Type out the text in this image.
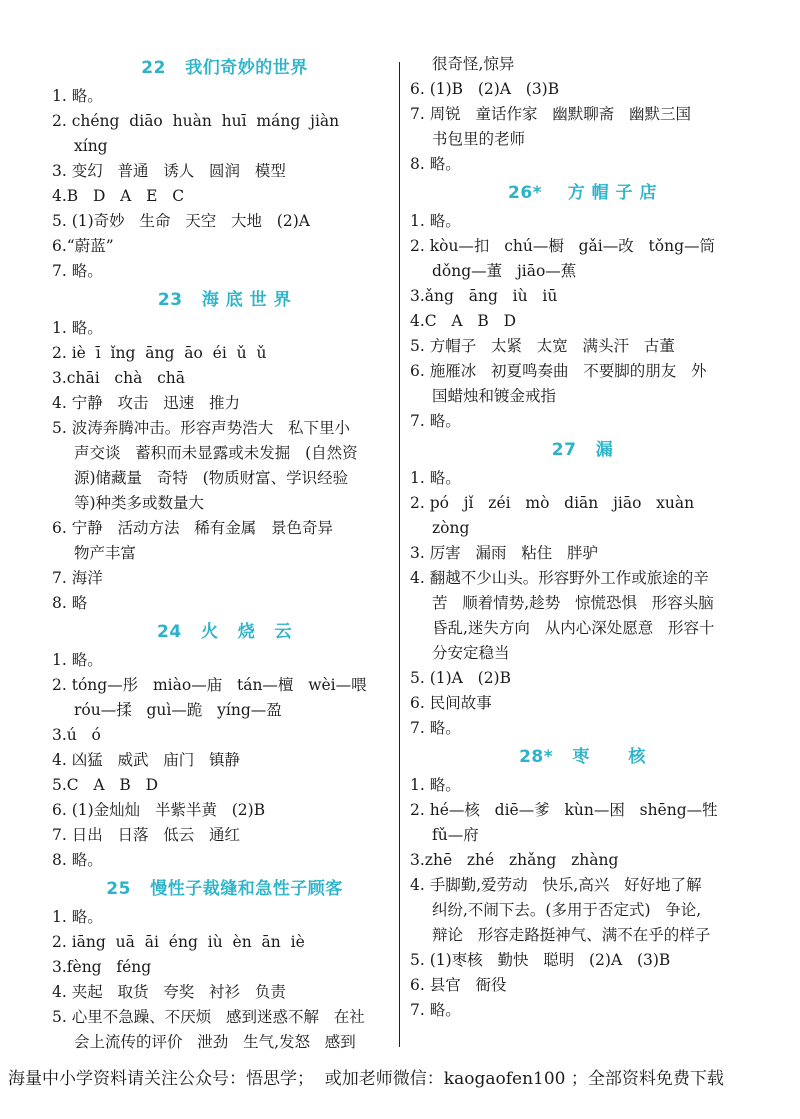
22   我们奇妙的世界
1. 略。
2. chéng  diāo  huàn  huī  máng  jiàn
xíng
3. 变幻   普通   诱人   圆润   模型
4.B   D   A   E   C
5. (1)奇妙   生命   天空   大地   (2)A
6.“蔚蓝”
7. 略。
23   海 底 世 界
1. 略。
2. iè  ī  ǐng  āng  āo  éi  ǔ  ǔ
3.chāi   chà   chā
4. 宁静   攻击   迅速   推力
5. 波涛奔腾冲击。形容声势浩大   私下里小
声交谈   蓄积而未显露或未发掘   (自然资
源)储藏量   奇特   (物质财富、学识经验
等)种类多或数量大
6. 宁静   活动方法   稀有金属   景色奇异
物产丰富
7. 海洋
8. 略
24   火   烧   云
1. 略。
2. tóng—彤   miào—庙   tán—檀   wèi—喂
róu—揉   guì—跪   yíng—盈
3.ú   ó
4. 凶猛   威武   庙门   镇静
5.C   A   B   D
6. (1)金灿灿   半紫半黄   (2)B
7. 日出   日落   低云   通红
8. 略。
25   慢性子裁缝和急性子顾客
1. 略。
2. iāng  uā  āi  éng  iù  èn  ān  iè
3.fèng   féng
4. 夹起   取货   夸奖   衬衫   负责
5. 心里不急躁、不厌烦   感到迷惑不解   在社
会上流传的评价   泄劲   生气,发怒   感到
很奇怪,惊异
6. (1)B   (2)A   (3)B
7. 周锐   童话作家   幽默聊斋   幽默三国
书包里的老师
8. 略。
26*    方 帽 子 店
1. 略。
2. kòu—扣   chú—橱   gǎi—改   tǒng—筒
dǒng—董   jiāo—蕉
3.ǎng   āng   iù   iū
4.C   A   B   D
5. 方帽子   太紧   太宽   满头汗   古董
6. 施雁冰   初夏鸣奏曲   不要脚的朋友   外
国蜡烛和镀金戒指
7. 略。
27   漏
1. 略。
2. pó   jǐ   zéi   mò   diān   jiāo   xuàn
zòng
3. 厉害   漏雨   粘住   胖驴
4. 翻越不少山头。形容野外工作或旅途的辛
苦   顺着情势,趁势   惊慌恐惧   形容头脑
昏乱,迷失方向   从内心深处愿意   形容十
分安定稳当
5. (1)A   (2)B
6. 民间故事
7. 略。
28*   枣      核
1. 略。
2. hé—核   diē—爹   kùn—困   shēng—牲
fǔ—府
3.zhē   zhé   zhǎng   zhàng
4. 手脚勤,爱劳动   快乐,高兴   好好地了解
纠纷,不闹下去。(多用于否定式)   争论,
辩论   形容走路挺神气、满不在乎的样子
5. (1)枣核   勤快   聪明   (2)A   (3)B
6. 县官   衙役
7. 略。
海量中小学资料请关注公众号：悟思学；  或加老师微信：kaogaofen100 ；全部资料免费下载
